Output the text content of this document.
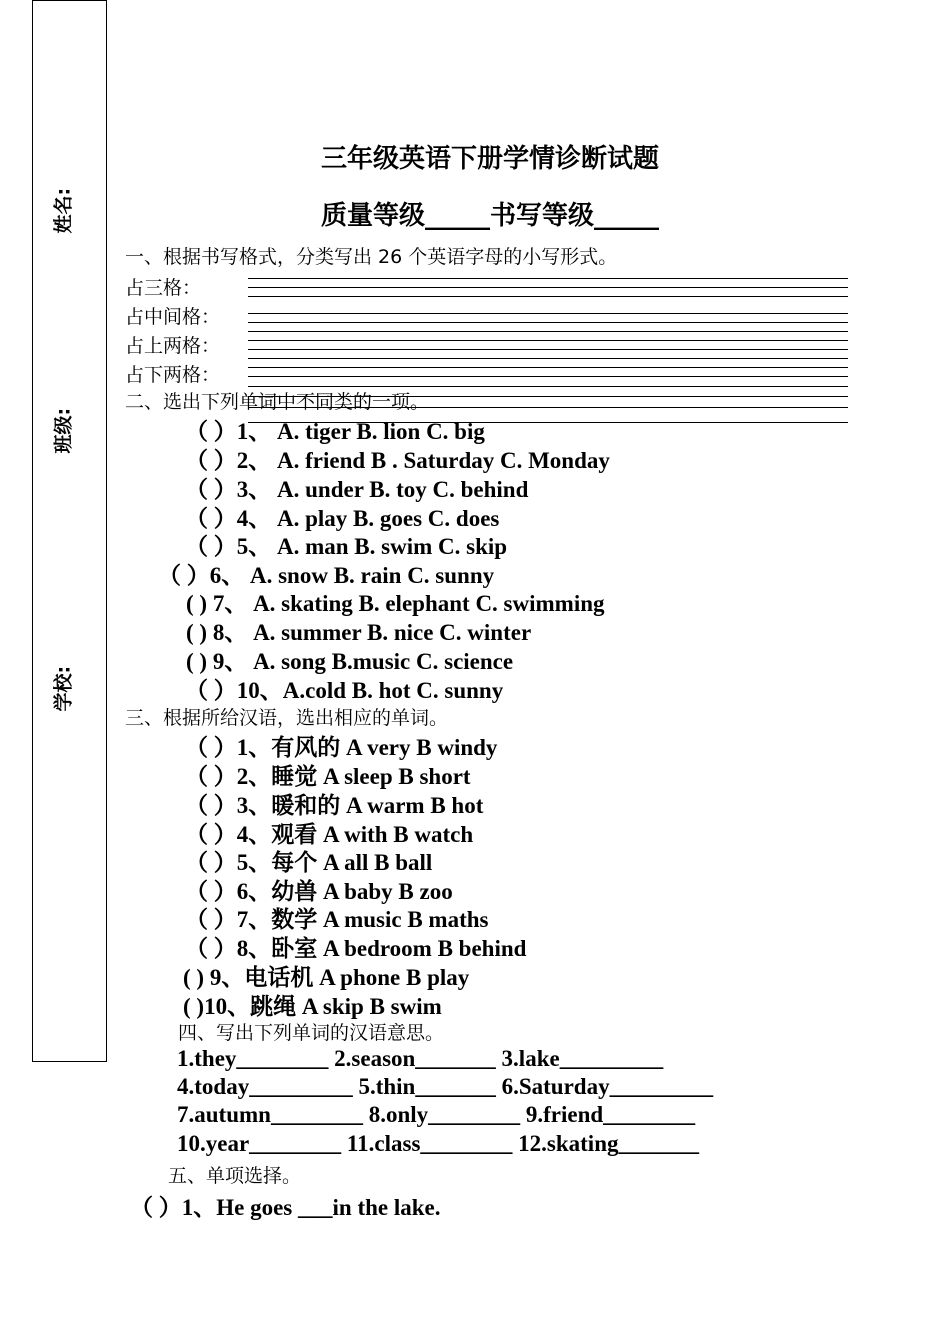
姓名:
班级:
学校:
三年级英语下册学情诊断试题
质量等级_____书写等级_____
一、根据书写格式，分类写出 26 个英语字母的小写形式。
占三格：
占中间格：
占上两格：
占下两格：
二、选出下列单词中不同类的一项。
（ ）1、 A. tiger B. lion C. big
（ ）2、 A. friend B . Saturday C. Monday
（ ）3、 A. under B. toy C. behind
（ ）4、 A. play B. goes C. does
（ ）5、 A. man B. swim C. skip
（ ）6、 A. snow B. rain C. sunny
( ) 7、 A. skating B. elephant C. swimming
( ) 8、 A. summer B. nice C. winter
( ) 9、 A. song B.music C. science
（ ）10、A.cold B. hot C. sunny
三、根据所给汉语，选出相应的单词。
（ ）1、有风的 A very B windy
（ ）2、睡觉 A sleep B short
（ ）3、暖和的 A warm B hot
（ ）4、观看 A with B watch
（ ）5、每个 A all B ball
（ ）6、幼兽 A baby B zoo
（ ）7、数学 A music B maths
（ ）8、卧室 A bedroom B behind
( ) 9、电话机 A phone B play
( )10、跳绳 A skip B swim
四、写出下列单词的汉语意思。
1.they________ 2.season_______ 3.lake_________
4.today_________ 5.thin_______ 6.Saturday_________
7.autumn________ 8.only________ 9.friend________
10.year________ 11.class________ 12.skating_______
五、单项选择。
（ ）1、He goes ___in the lake.
